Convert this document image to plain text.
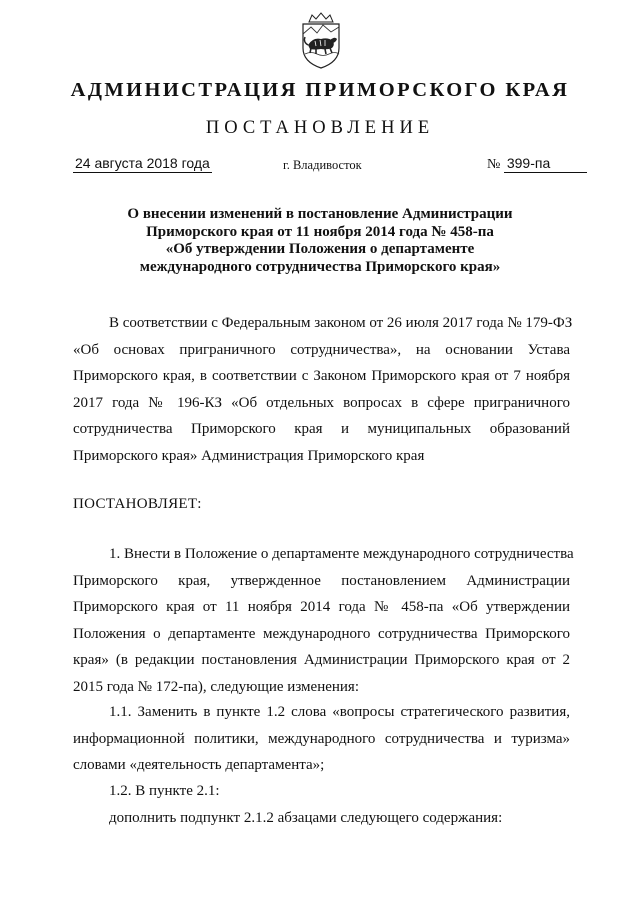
АДМИНИСТРАЦИЯ ПРИМОРСКОГО КРАЯ
ПОСТАНОВЛЕНИЕ
24 августа 2018 года	г. Владивосток	№ 399-па
О внесении изменений в постановление Администрации
Приморского края от 11 ноября 2014 года № 458-па
«Об утверждении Положения о департаменте
международного сотрудничества Приморского края»
В соответствии с Федеральным законом от 26 июля 2017 года № 179-ФЗ
«Об основах приграничного сотрудничества», на основании Устава
Приморского края, в соответствии с Законом Приморского края от 7 ноября
2017 года № 196-КЗ «Об отдельных вопросах в сфере приграничного
сотрудничества Приморского края и муниципальных образований
Приморского края» Администрация Приморского края
ПОСТАНОВЛЯЕТ:
1. Внести в Положение о департаменте международного сотрудничества
Приморского края, утвержденное постановлением Администрации
Приморского края от 11 ноября 2014 года № 458-па «Об утверждении
Положения о департаменте международного сотрудничества Приморского
края» (в редакции постановления Администрации Приморского края от 2
2015 года № 172-па), следующие изменения:
1.1. Заменить в пункте 1.2 слова «вопросы стратегического развития,
информационной политики, международного сотрудничества и туризма»
словами «деятельность департамента»;
1.2. В пункте 2.1:
дополнить подпункт 2.1.2 абзацами следующего содержания:
